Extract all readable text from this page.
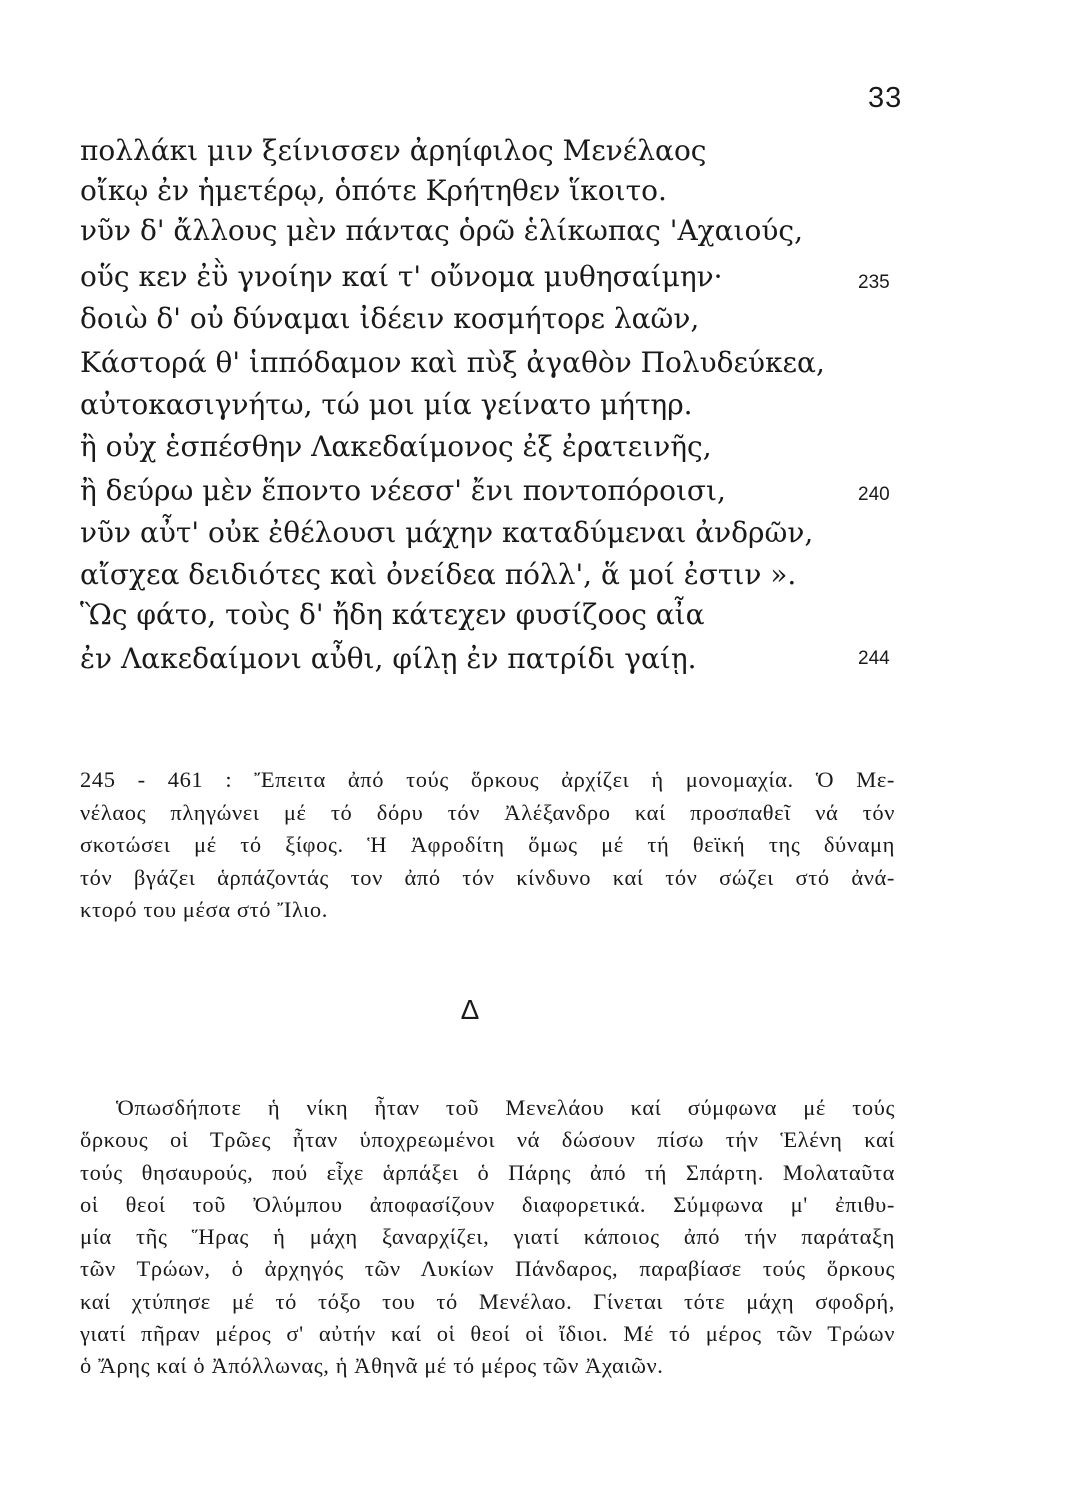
33
πολλάκι μιν ξείνισσεν ἀρηίφιλος Μενέλαος
οἴκῳ ἐν ἡμετέρῳ, ὁπότε Κρήτηθεν ἵκοιτο.
νῦν δ' ἄλλους μὲν πάντας ὁρῶ ἑλίκωπας 'Αχαιούς,
οὕς κεν ἐῢ γνοίην καί τ' οὔνομα μυθησαίμην·	235
δοιὼ δ' οὐ δύναμαι ἰδέειν κοσμήτορε λαῶν,
Κάστορά θ' ἱππόδαμον καὶ πὺξ ἀγαθὸν Πολυδεύκεα,
αὐτοκασιγνήτω, τώ μοι μία γείνατο μήτηρ.
ἢ οὐχ ἑσπέσθην Λακεδαίμονος ἐξ ἐρατεινῆς,
ἢ δεύρω μὲν ἕποντο νέεσσ' ἔνι ποντοπόροισι,	240
νῦν αὖτ' οὐκ ἐθέλουσι μάχην καταδύμεναι ἀνδρῶν,
αἴσχεα δειδιότες καὶ ὀνείδεα πόλλ', ἅ μοί ἐστιν ».
Ὣς φάτο, τοὺς δ' ἤδη κάτεχεν φυσίζοος αἶα
ἐν Λακεδαίμονι αὖθι, φίλῃ ἐν πατρίδι γαίῃ.	244
245 - 461 : Ἔπειτα ἀπό τούς ὅρκους ἀρχίζει ἡ μονομαχία. Ὁ Με-
νέλαος πληγώνει μέ τό δόρυ τόν Ἀλέξανδρο καί προσπαθεῖ νά τόν
σκοτώσει μέ τό ξίφος. Ἡ Ἀφροδίτη ὅμως μέ τή θεϊκή της δύναμη
τόν βγάζει ἁρπάζοντάς τον ἀπό τόν κίνδυνο καί τόν σώζει στό ἀνά-
κτορό του μέσα στό Ἴλιο.
Δ
Ὁπωσδήποτε ἡ νίκη ἦταν τοῦ Μενελάου καί σύμφωνα μέ τούς
ὅρκους οἱ Τρῶες ἦταν ὑποχρεωμένοι νά δώσουν πίσω τήν Ἑλένη καί
τούς θησαυρούς, πού εἶχε ἁρπάξει ὁ Πάρης ἀπό τή Σπάρτη. Μολαταῦτα
οἱ θεοί τοῦ Ὀλύμπου ἀποφασίζουν διαφορετικά. Σύμφωνα μ' ἐπιθυ-
μία τῆς Ἥρας ἡ μάχη ξαναρχίζει, γιατί κάποιος ἀπό τήν παράταξη
τῶν Τρώων, ὁ ἀρχηγός τῶν Λυκίων Πάνδαρος, παραβίασε τούς ὅρκους
καί χτύπησε μέ τό τόξο του τό Μενέλαο. Γίνεται τότε μάχη σφοδρή,
γιατί πῆραν μέρος σ' αὐτήν καί οἱ θεοί οἱ ἴδιοι. Μέ τό μέρος τῶν Τρώων
ὁ Ἄρης καί ὁ Ἀπόλλωνας, ἡ Ἀθηνᾶ μέ τό μέρος τῶν Ἀχαιῶν.
